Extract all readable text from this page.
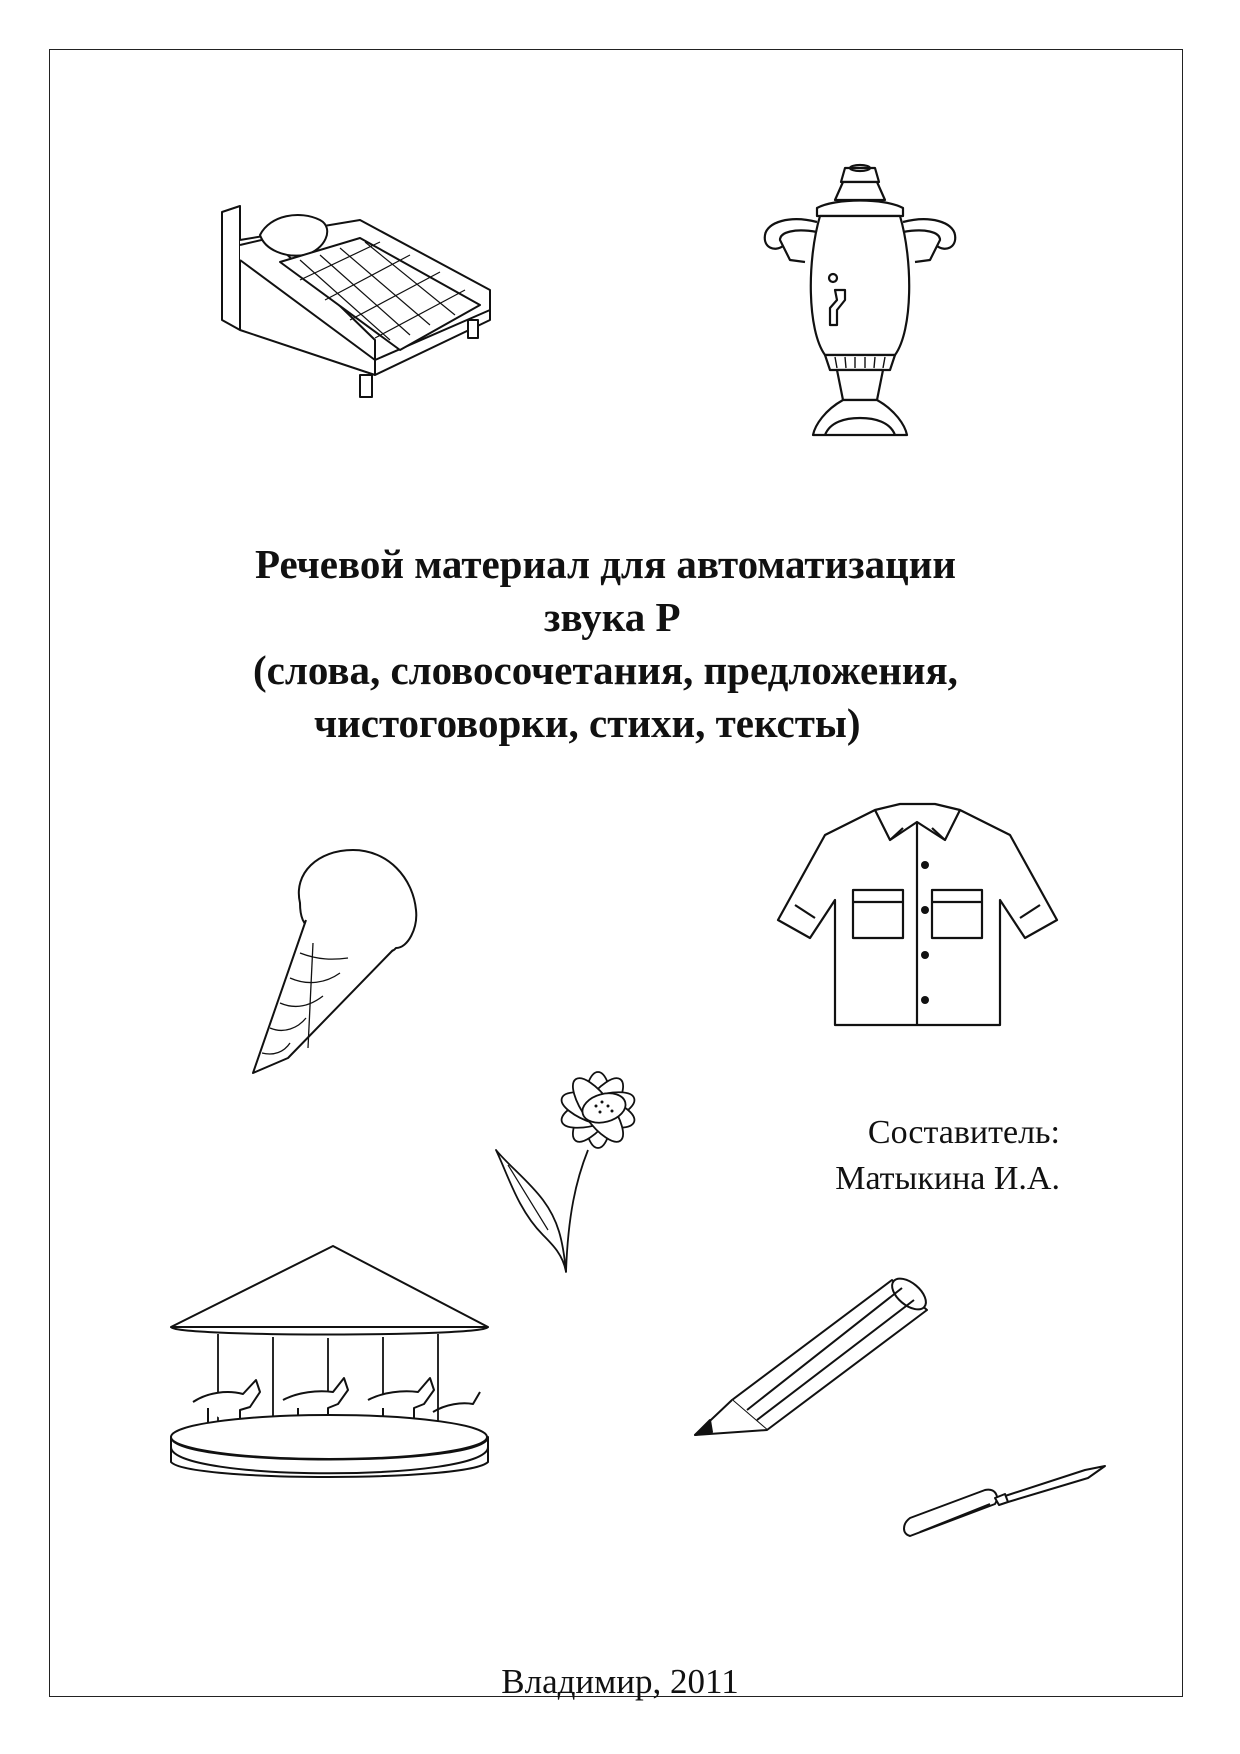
Речевой материал для автоматизации
звука Р
(слова, словосочетания, предложения,
чистоговорки, стихи, тексты)
Составитель:
Матыкина И.А.
Владимир, 2011
